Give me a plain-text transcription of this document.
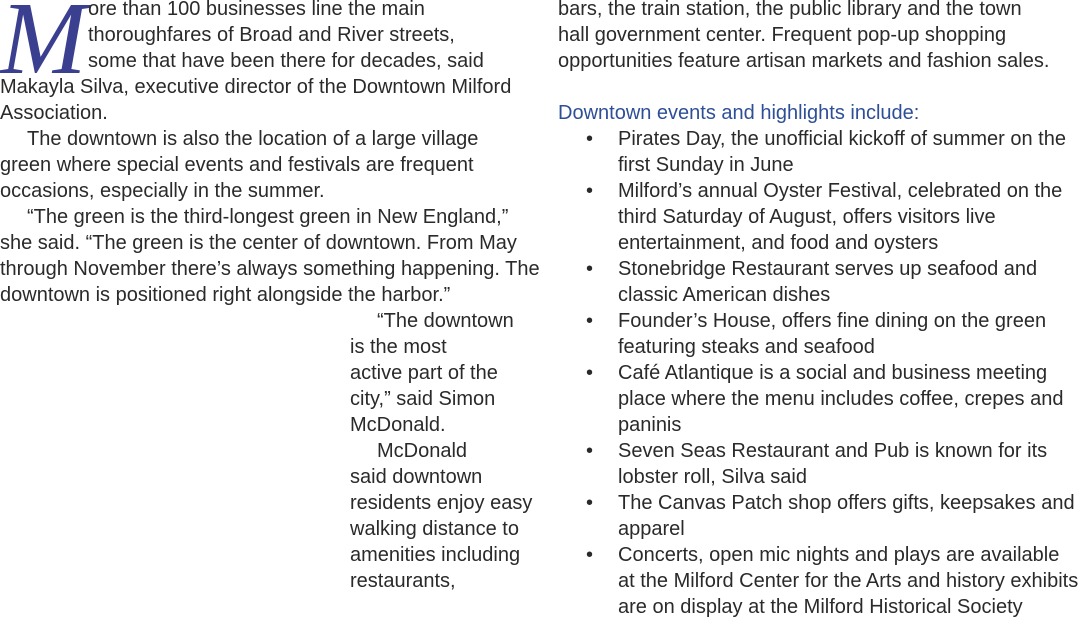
M ore than 100 businesses line the main
thoroughfares of Broad and River streets,
some that have been there for decades, said
Makayla Silva, executive director of the Downtown Milford
Association.
The downtown is also the location of a large village
green where special events and festivals are frequent
occasions, especially in the summer.
“The green is the third-longest green in New England,”
she said. “The green is the center of downtown. From May
through November there’s always something happening. The
downtown is positioned right alongside the harbor.”
“The downtown
is the most
active part of the
city,” said Simon
McDonald.
McDonald
said downtown
residents enjoy easy
walking distance to
amenities including
restaurants,
bars, the train station, the public library and the town
hall government center. Frequent pop-up shopping
opportunities feature artisan markets and fashion sales.
Downtown events and highlights include:
• Pirates Day, the unofficial kickoff of summer on the first Sunday in June
• Milford’s annual Oyster Festival, celebrated on the third Saturday of August, offers visitors live entertainment, and food and oysters
• Stonebridge Restaurant serves up seafood and classic American dishes
• Founder’s House, offers fine dining on the green featuring steaks and seafood
• Café Atlantique is a social and business meeting place where the menu includes coffee, crepes and paninis
• Seven Seas Restaurant and Pub is known for its lobster roll, Silva said
• The Canvas Patch shop offers gifts, keepsakes and apparel
• Concerts, open mic nights and plays are available at the Milford Center for the Arts and history exhibits are on display at the Milford Historical Society
